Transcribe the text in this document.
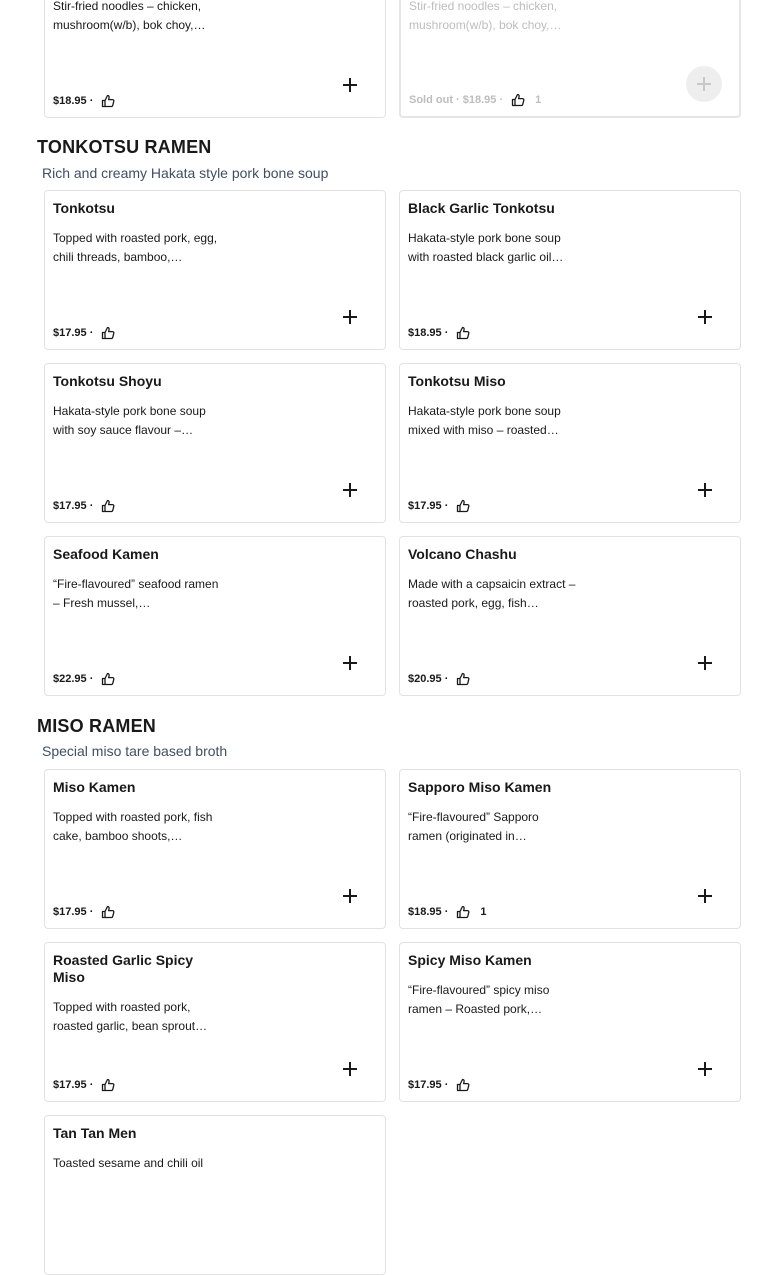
Stir-fried noodles – chicken, mushroom(w/b), bok choy,…
$18.95 ·
Stir-fried noodles – chicken, mushroom(w/b), bok choy,…
Sold out · $18.95 ·	1
TONKOTSU RAMEN
Rich and creamy Hakata style pork bone soup
Tonkotsu
Topped with roasted pork, egg, chili threads, bamboo,…
$17.95 ·
Black Garlic Tonkotsu
Hakata-style pork bone soup with roasted black garlic oil…
$18.95 ·
Tonkotsu Shoyu
Hakata-style pork bone soup with soy sauce flavour –…
$17.95 ·
Tonkotsu Miso
Hakata-style pork bone soup mixed with miso – roasted…
$17.95 ·
Seafood Kamen
“Fire-flavoured” seafood ramen – Fresh mussel,…
$22.95 ·
Volcano Chashu
Made with a capsaicin extract – roasted pork, egg, fish…
$20.95 ·
MISO RAMEN
Special miso tare based broth
Miso Kamen
Topped with roasted pork, fish cake, bamboo shoots,…
$17.95 ·
Sapporo Miso Kamen
“Fire-flavoured” Sapporo ramen (originated in…
$18.95 ·	1
Roasted Garlic Spicy Miso
Topped with roasted pork, roasted garlic, bean sprout…
$17.95 ·
Spicy Miso Kamen
“Fire-flavoured” spicy miso ramen – Roasted pork,…
$17.95 ·
Tan Tan Men
Toasted sesame and chili oil
